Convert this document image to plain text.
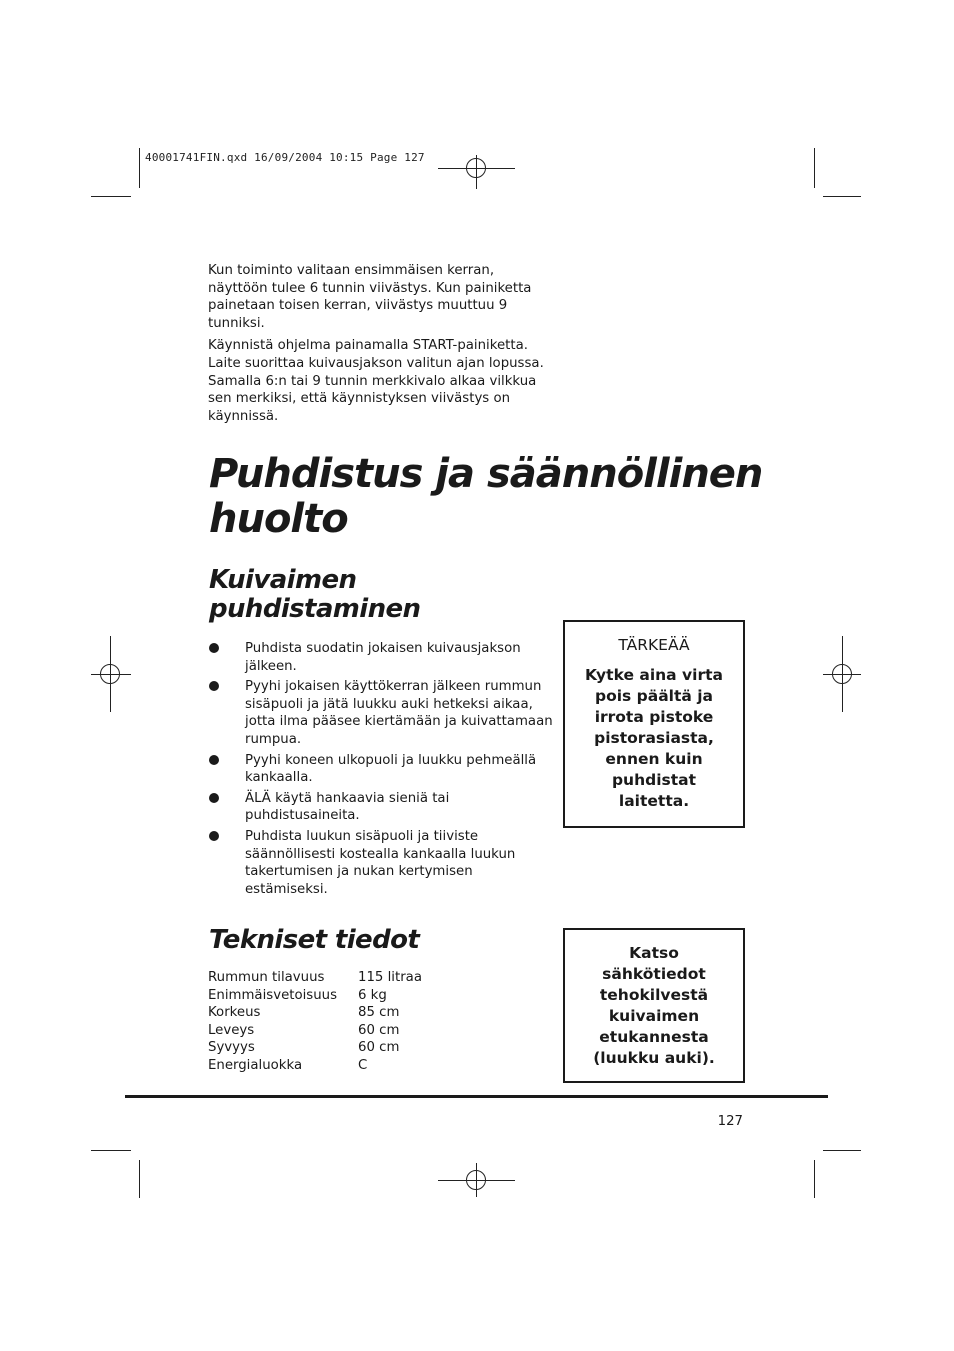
40001741FIN.qxd 16/09/2004 10:15 Page 127

Kun toiminto valitaan ensimmäisen kerran, näyttöön tulee 6 tunnin viivästys. Kun painiketta painetaan toisen kerran, viivästys muuttuu 9 tunniksi.

Käynnistä ohjelma painamalla START-painiketta. Laite suorittaa kuivausjakson valitun ajan lopussa. Samalla 6:n tai 9 tunnin merkkivalo alkaa vilkkua sen merkiksi, että käynnistyksen viivästys on käynnissä.

Puhdistus ja säännöllinen huolto
Kuivaimen puhdistaminen
Puhdista suodatin jokaisen kuivausjakson jälkeen.
Pyyhi jokaisen käyttökerran jälkeen rummun sisäpuoli ja jätä luukku auki hetkeksi aikaa, jotta ilma pääsee kiertämään ja kuivattamaan rumpua.
Pyyhi koneen ulkopuoli ja luukku pehmeällä kankaalla.
ÄLÄ käytä hankaavia sieniä tai puhdistusaineita.
Puhdista luukun sisäpuoli ja tiiviste säännöllisesti kostealla kankaalla luukun takertumisen ja nukan kertymisen estämiseksi.
TÄRKEÄÄ
Kytke aina virta pois päältä ja irrota pistoke pistorasiasta, ennen kuin puhdistat laitetta.
Tekniset tiedot
Rummun tilavuus	115 litraa
Enimmäisvetoisuus	6 kg
Korkeus	85 cm
Leveys	60 cm
Syvyys	60 cm
Energialuokka	C
Katso sähkötiedot tehokilvestä kuivaimen etukannesta (luukku auki).
127
